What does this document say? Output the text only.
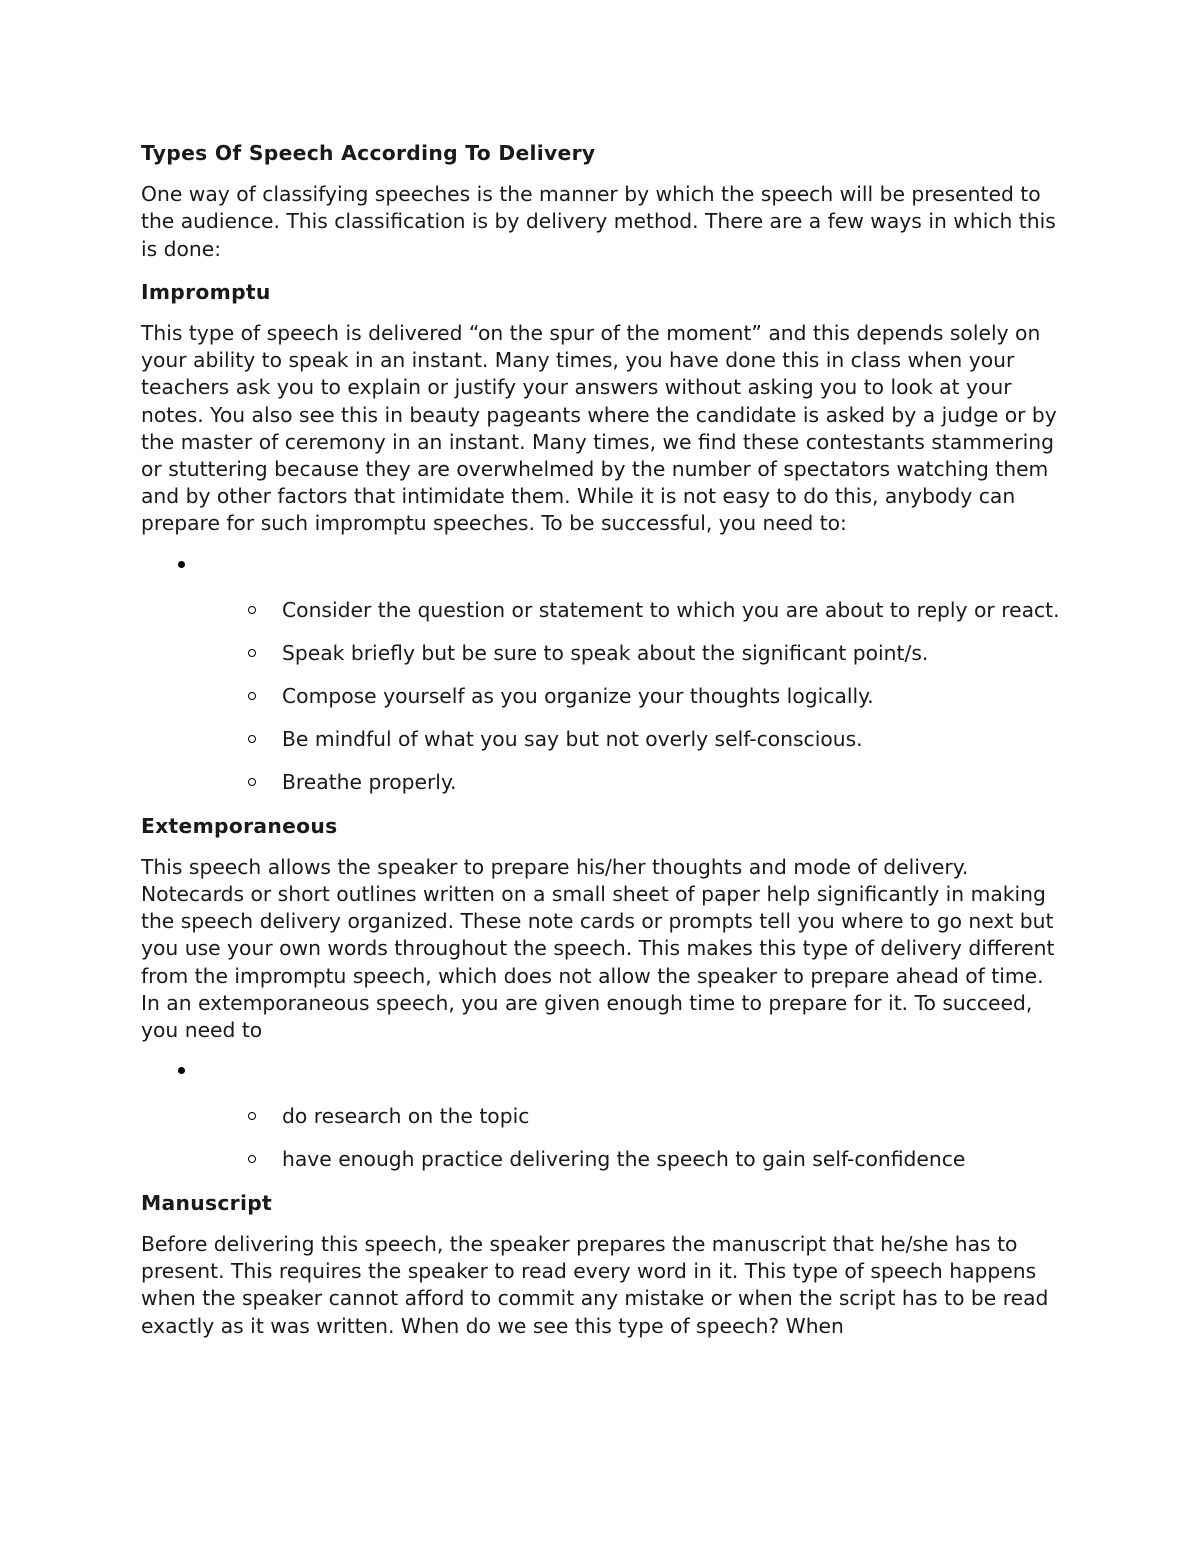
Types Of Speech According To Delivery

One way of classifying speeches is the manner by which the speech will be presented to the audience. This classification is by delivery method. There are a few ways in which this is done:

Impromptu

This type of speech is delivered “on the spur of the moment” and this depends solely on your ability to speak in an instant. Many times, you have done this in class when your teachers ask you to explain or justify your answers without asking you to look at your notes. You also see this in beauty pageants where the candidate is asked by a judge or by the master of ceremony in an instant. Many times, we find these contestants stammering or stuttering because they are overwhelmed by the number of spectators watching them and by other factors that intimidate them. While it is not easy to do this, anybody can prepare for such impromptu speeches. To be successful, you need to:

Consider the question or statement to which you are about to reply or react.
Speak briefly but be sure to speak about the significant point/s.
Compose yourself as you organize your thoughts logically.
Be mindful of what you say but not overly self-conscious.
Breathe properly.
Extemporaneous

This speech allows the speaker to prepare his/her thoughts and mode of delivery. Notecards or short outlines written on a small sheet of paper help significantly in making the speech delivery organized. These note cards or prompts tell you where to go next but you use your own words throughout the speech. This makes this type of delivery different from the impromptu speech, which does not allow the speaker to prepare ahead of time. In an extemporaneous speech, you are given enough time to prepare for it. To succeed, you need to

do research on the topic
have enough practice delivering the speech to gain self-confidence
Manuscript

Before delivering this speech, the speaker prepares the manuscript that he/she has to present. This requires the speaker to read every word in it. This type of speech happens when the speaker cannot afford to commit any mistake or when the script has to be read exactly as it was written. When do we see this type of speech? When
